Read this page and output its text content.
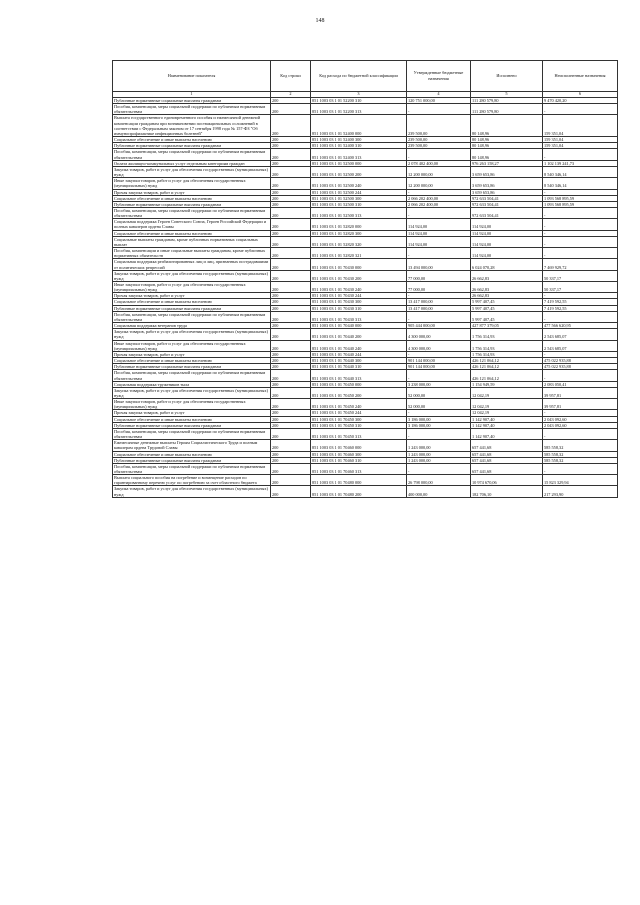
148
Наименование показателя	Код строки	Код расхода по бюджетной классификации	Утвержденные бюджетные назначения	Исполнено	Неисполненные назначения
1	2	3	4	5	6
Публичные нормативные социальные выплаты гражданам	200	851 1003 03 1 01 52200 310	120 751 000,00	111 280 579,80	9 470 420,20
Пособия, компенсации, меры социальной поддержки по публичным нормативным обязательствам	200	851 1003 03 1 01 52200 313	-	111 280 579,80	-
Выплата государственного единовременного пособия и ежемесячной денежной компенсации гражданам при возникновении поствакцинальных осложнений в соответствии с Федеральным законом от 17 сентября 1998 года № 157-ФЗ "Об иммунопрофилактике инфекционных болезней"	200	851 1003 03 1 01 52400 000	239 500,00	80 148,96	159 351,04
Социальное обеспечение и иные выплаты населению	200	851 1003 03 1 01 52400 300	239 500,00	80 148,96	159 351,04
Публичные нормативные социальные выплаты гражданам	200	851 1003 03 1 01 52400 310	239 500,00	80 148,96	159 351,04
Пособия, компенсации, меры социальной поддержки по публичным нормативным обязательствам	200	851 1003 03 1 01 52400 313	-	80 148,96	-
Оплата жилищно-коммунальных услуг отдельным категориям граждан	200	851 1003 03 1 01 52500 000	2 078 402 400,00	976 263 158,27	1 102 139 241,73
Закупка товаров, работ и услуг для обеспечения государственных (муниципальных) нужд	200	851 1003 03 1 01 52500 200	12 200 000,00	3 659 653,86	8 540 346,14
Иные закупки товаров, работ и услуг для обеспечения государственных (муниципальных) нужд	200	851 1003 03 1 01 52500 240	12 200 000,00	3 659 653,86	8 540 346,14
Прочая закупка товаров, работ и услуг	200	851 1003 03 1 01 52500 244	-	3 659 653,86	-
Социальное обеспечение и иные выплаты населению	200	851 1003 03 1 01 52500 300	2 066 202 400,00	972 633 504,41	1 093 568 895,59
Публичные нормативные социальные выплаты гражданам	200	851 1003 03 1 01 52500 310	2 066 202 400,00	972 633 504,41	1 093 568 895,59
Пособия, компенсации, меры социальной поддержки по публичным нормативным обязательствам	200	851 1003 03 1 01 52500 313	-	972 633 504,41	-
Социальная поддержка Героев Советского Союза, Героев Российской Федерации и полных кавалеров ордена Славы	200	851 1003 03 1 01 52820 000	114 924,00	114 924,00	-
Социальное обеспечение и иные выплаты населению	200	851 1003 03 1 01 52820 300	114 924,00	114 924,00	-
Социальные выплаты гражданам, кроме публичных нормативных социальных выплат	200	851 1003 03 1 01 52820 320	114 924,00	114 924,00	-
Пособия, компенсации и иные социальные выплаты гражданам, кроме публичных нормативных обязательств	200	851 1003 03 1 01 52820 321	-	114 924,00	-
Социальная поддержка реабилитированных лиц и лиц, признанных пострадавшими от политических репрессий	200	851 1003 03 1 01 70430 000	13 494 000,00	6 024 070,28	7 469 929,72
Закупка товаров, работ и услуг для обеспечения государственных (муниципальных) нужд	200	851 1003 03 1 01 70430 200	77 000,00	26 662,83	50 337,17
Иные закупки товаров, работ и услуг для обеспечения государственных (муниципальных) нужд	200	851 1003 03 1 01 70430 240	77 000,00	26 662,83	50 337,17
Прочая закупка товаров, работ и услуг	200	851 1003 03 1 01 70430 244	-	26 662,83	-
Социальное обеспечение и иные выплаты населению	200	851 1003 03 1 01 70430 300	13 417 000,00	5 997 407,45	7 419 592,55
Публичные нормативные социальные выплаты гражданам	200	851 1003 03 1 01 70430 310	13 417 000,00	5 997 407,45	7 419 592,55
Пособия, компенсации, меры социальной поддержки по публичным нормативным обязательствам	200	851 1003 03 1 01 70430 313	-	5 997 407,45	-
Социальная поддержка ветеранов труда	200	851 1003 03 1 01 70440 000	905 444 000,00	427 877 379,05	477 566 620,95
Закупка товаров, работ и услуг для обеспечения государственных (муниципальных) нужд	200	851 1003 03 1 01 70440 200	4 300 000,00	1 756 314,93	2 543 685,07
Иные закупки товаров, работ и услуг для обеспечения государственных (муниципальных) нужд	200	851 1003 03 1 01 70440 240	4 300 000,00	1 756 314,93	2 543 685,07
Прочая закупка товаров, работ и услуг	200	851 1003 03 1 01 70440 244	-	1 756 314,93	-
Социальное обеспечение и иные выплаты населению	200	851 1003 03 1 01 70440 300	901 144 000,00	426 121 064,12	475 022 935,88
Публичные нормативные социальные выплаты гражданам	200	851 1003 03 1 01 70440 310	901 144 000,00	426 121 064,12	475 022 935,88
Пособия, компенсации, меры социальной поддержки по публичным нормативным обязательствам	200	851 1003 03 1 01 70440 313	-	426 121 064,12	-
Социальная поддержка тружеников тыла	200	851 1003 03 1 01 70450 000	3 238 000,00	1 154 949,59	2 083 050,41
Закупка товаров, работ и услуг для обеспечения государственных (муниципальных) нужд	200	851 1003 03 1 01 70450 200	52 000,00	12 042,19	39 957,81
Иные закупки товаров, работ и услуг для обеспечения государственных (муниципальных) нужд	200	851 1003 03 1 01 70450 240	52 000,00	12 042,19	39 957,81
Прочая закупка товаров, работ и услуг	200	851 1003 03 1 01 70450 244	-	12 042,19	-
Социальное обеспечение и иные выплаты населению	200	851 1003 03 1 01 70450 300	3 186 000,00	1 142 907,40	2 043 092,60
Публичные нормативные социальные выплаты гражданам	200	851 1003 03 1 01 70450 310	3 186 000,00	1 142 907,40	2 043 092,60
Пособия, компенсации, меры социальной поддержки по публичным нормативным обязательствам	200	851 1003 03 1 01 70450 313	-	1 142 907,40	-
Ежемесячные денежные выплаты Героям Социалистического Труда и полным кавалерам ордена Трудовой Славы	200	851 1003 03 1 01 70460 000	1 243 000,00	657 441,68	585 558,32
Социальное обеспечение и иные выплаты населению	200	851 1003 03 1 01 70460 300	1 243 000,00	657 441,68	585 558,32
Публичные нормативные социальные выплаты гражданам	200	851 1003 03 1 01 70460 310	1 243 000,00	657 441,68	585 558,32
Пособия, компенсации, меры социальной поддержки по публичным нормативным обязательствам	200	851 1003 03 1 01 70460 313	-	657 441,68	-
Выплата социального пособия на погребение и возмещение расходов по гарантированному перечню услуг по погребению за счет областного бюджета	200	851 1003 03 1 01 70480 000	26 798 000,00	10 974 670,06	15 823 329,94
Закупка товаров, работ и услуг для обеспечения государственных (муниципальных) нужд	200	851 1003 03 1 01 70480 200	400 000,00	182 706,10	217 293,90
